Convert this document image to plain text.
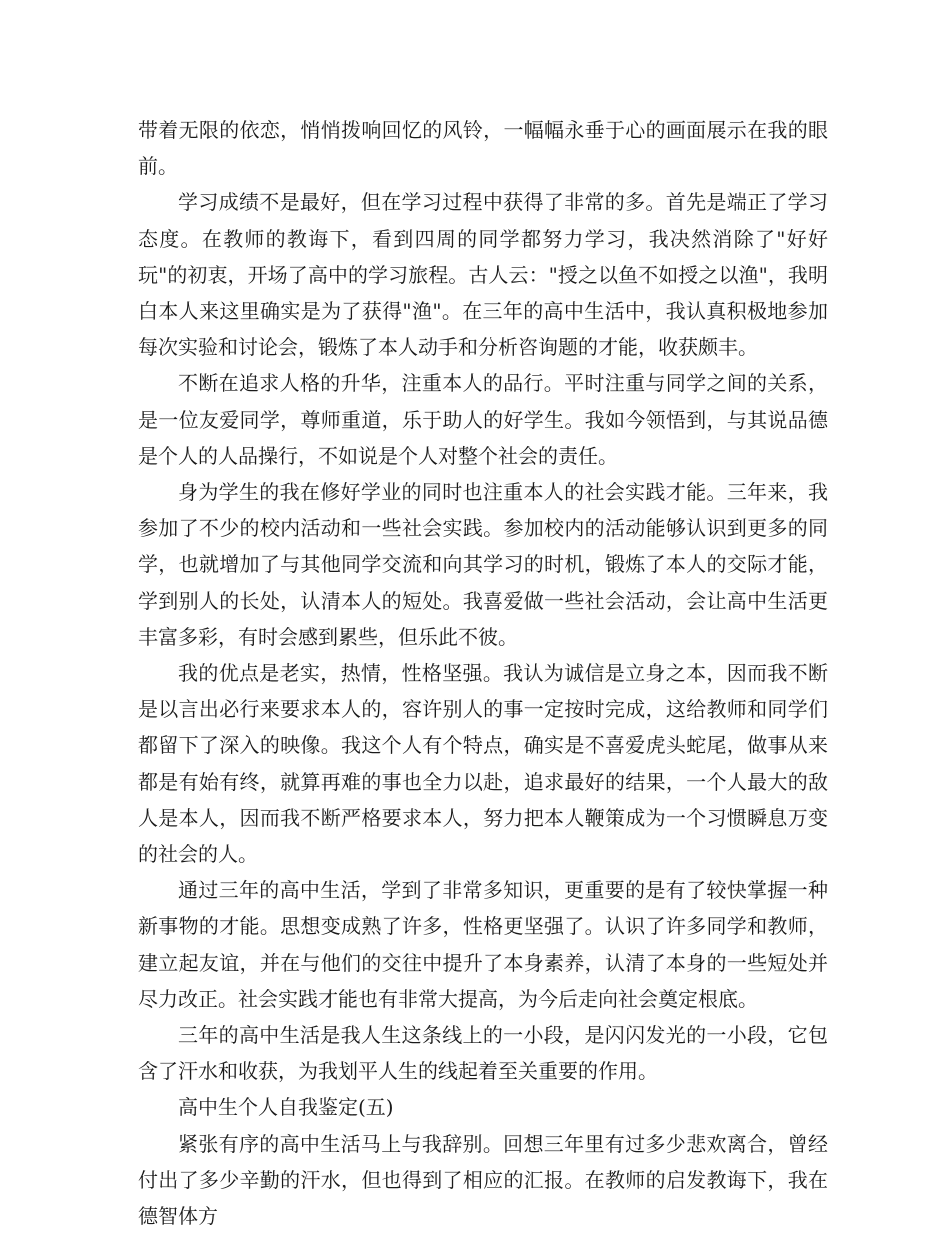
带着无限的依恋，悄悄拨响回忆的风铃，一幅幅永垂于心的画面展示在我的眼前。

学习成绩不是最好，但在学习过程中获得了非常的多。首先是端正了学习态度。在教师的教诲下，看到四周的同学都努力学习，我决然消除了"好好玩"的初衷，开场了高中的学习旅程。古人云："授之以鱼不如授之以渔"，我明白本人来这里确实是为了获得"渔"。在三年的高中生活中，我认真积极地参加每次实验和讨论会，锻炼了本人动手和分析咨询题的才能，收获颇丰。

不断在追求人格的升华，注重本人的品行。平时注重与同学之间的关系，是一位友爱同学，尊师重道，乐于助人的好学生。我如今领悟到，与其说品德是个人的人品操行，不如说是个人对整个社会的责任。

身为学生的我在修好学业的同时也注重本人的社会实践才能。三年来，我参加了不少的校内活动和一些社会实践。参加校内的活动能够认识到更多的同学，也就增加了与其他同学交流和向其学习的时机，锻炼了本人的交际才能，学到别人的长处，认清本人的短处。我喜爱做一些社会活动，会让高中生活更丰富多彩，有时会感到累些，但乐此不彼。

我的优点是老实，热情，性格坚强。我认为诚信是立身之本，因而我不断是以言出必行来要求本人的，容许别人的事一定按时完成，这给教师和同学们都留下了深入的映像。我这个人有个特点，确实是不喜爱虎头蛇尾，做事从来都是有始有终，就算再难的事也全力以赴，追求最好的结果，一个人最大的敌人是本人，因而我不断严格要求本人，努力把本人鞭策成为一个习惯瞬息万变的社会的人。

通过三年的高中生活，学到了非常多知识，更重要的是有了较快掌握一种新事物的才能。思想变成熟了许多，性格更坚强了。认识了许多同学和教师，建立起友谊，并在与他们的交往中提升了本身素养，认清了本身的一些短处并尽力改正。社会实践才能也有非常大提高，为今后走向社会奠定根底。

三年的高中生活是我人生这条线上的一小段，是闪闪发光的一小段，它包含了汗水和收获，为我划平人生的线起着至关重要的作用。

高中生个人自我鉴定(五)

紧张有序的高中生活马上与我辞别。回想三年里有过多少悲欢离合，曾经付出了多少辛勤的汗水，但也得到了相应的汇报。在教师的启发教诲下，我在德智体方
